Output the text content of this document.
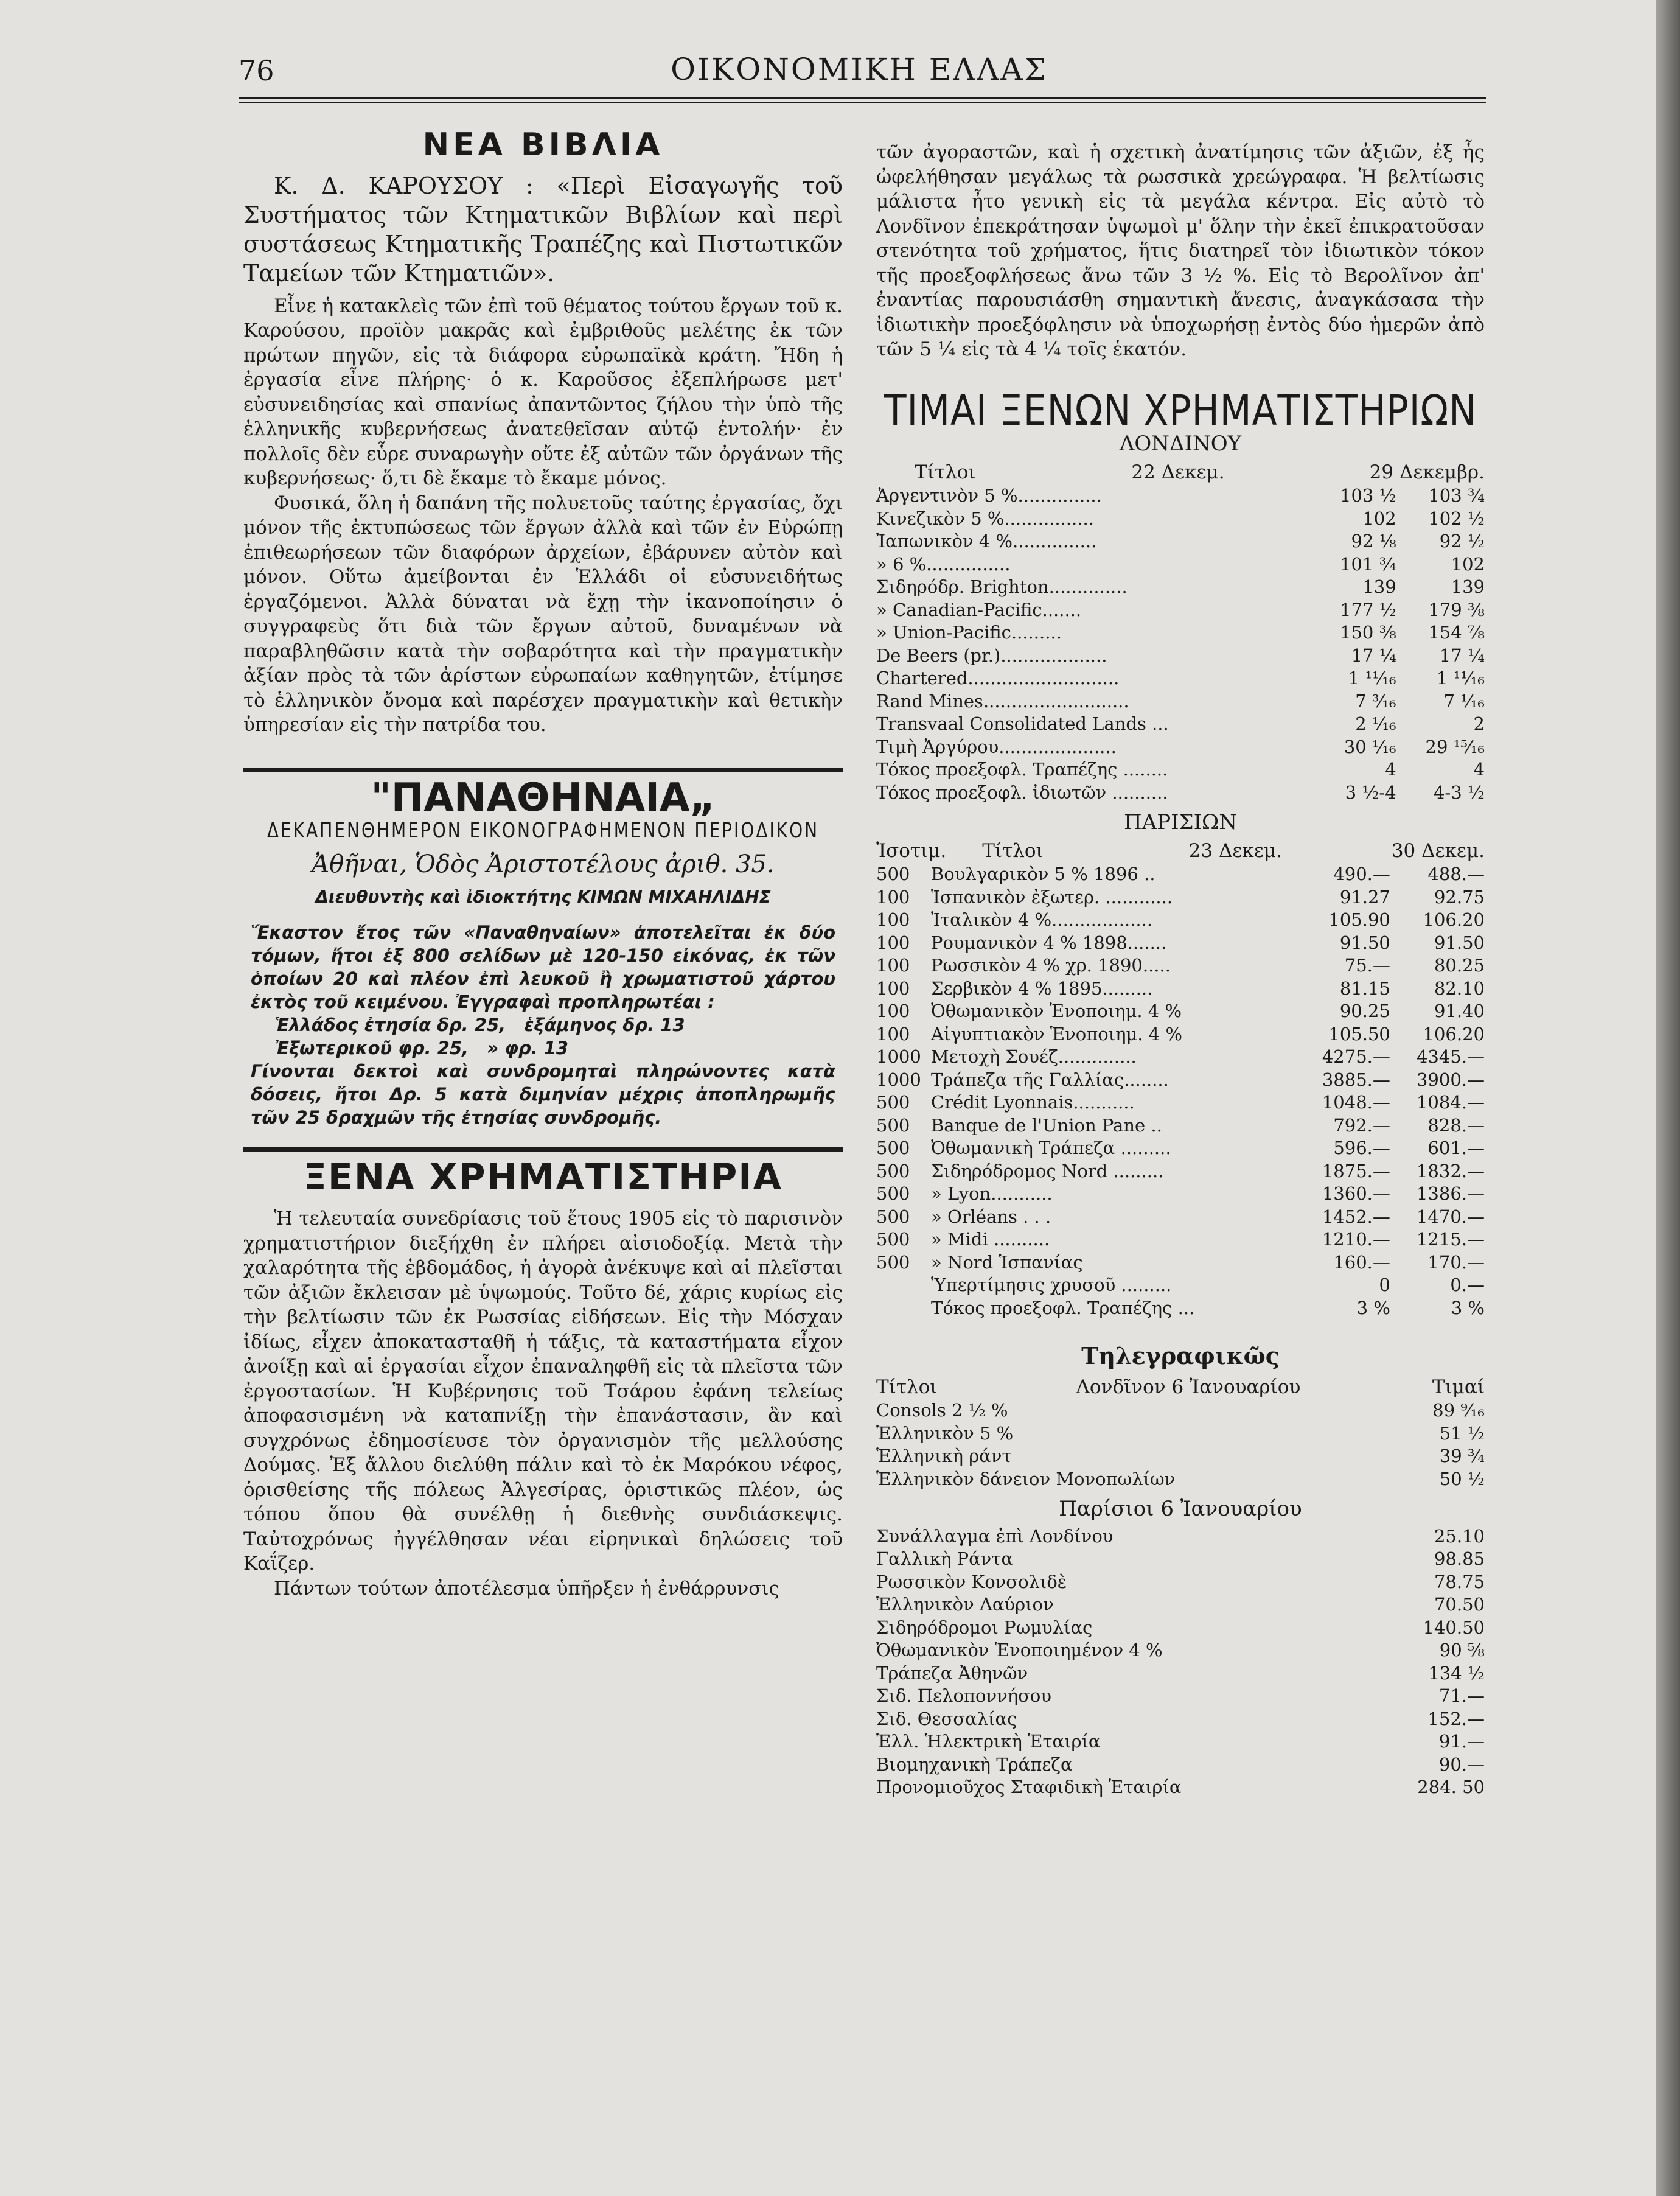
76	ΟΙΚΟΝΟΜΙΚΗ ΕΛΛΑΣ
ΝΕΑ ΒΙΒΛΙΑ

Κ. Δ. ΚΑΡΟΥΣΟΥ : «Περὶ Εἰσαγωγῆς τοῦ Συστήματος τῶν Κτηματικῶν Βιβλίων καὶ περὶ συστάσεως Κτηματικῆς Τραπέζης καὶ Πιστωτικῶν Ταμείων τῶν Κτηματιῶν».

Εἶνε ἡ κατακλεὶς τῶν ἐπὶ τοῦ θέματος τούτου ἔργων τοῦ κ. Καρούσου, προϊὸν μακρᾶς καὶ ἐμβριθοῦς μελέτης ἐκ τῶν πρώτων πηγῶν, εἰς τὰ διάφορα εὐρωπαϊκὰ κράτη. Ἤδη ἡ ἐργασία εἶνε πλήρης· ὁ κ. Καροῦσος ἐξεπλήρωσε μετ' εὐσυνειδησίας καὶ σπανίως ἀπαντῶντος ζήλου τὴν ὑπὸ τῆς ἑλληνικῆς κυβερνήσεως ἀνατεθεῖσαν αὐτῷ ἐντολήν· ἐν πολλοῖς δὲν εὗρε συναρωγὴν οὔτε ἐξ αὐτῶν τῶν ὀργάνων τῆς κυβερνήσεως· ὅ,τι δὲ ἔκαμε τὸ ἔκαμε μόνος.

Φυσικά, ὅλη ἡ δαπάνη τῆς πολυετοῦς ταύτης ἐργασίας, ὄχι μόνον τῆς ἐκτυπώσεως τῶν ἔργων ἀλλὰ καὶ τῶν ἐν Εὐρώπῃ ἐπιθεωρήσεων τῶν διαφόρων ἀρχείων, ἐβάρυνεν αὐτὸν καὶ μόνον. Οὕτω ἀμείβονται ἐν Ἑλλάδι οἱ εὐσυνειδήτως ἐργαζόμενοι. Ἀλλὰ δύναται νὰ ἔχῃ τὴν ἱκανοποίησιν ὁ συγγραφεὺς ὅτι διὰ τῶν ἔργων αὐτοῦ, δυναμένων νὰ παραβληθῶσιν κατὰ τὴν σοβαρότητα καὶ τὴν πραγματικὴν ἀξίαν πρὸς τὰ τῶν ἀρίστων εὐρωπαίων καθηγητῶν, ἐτίμησε τὸ ἑλληνικὸν ὄνομα καὶ παρέσχεν πραγματικὴν καὶ θετικὴν ὑπηρεσίαν εἰς τὴν πατρίδα του.

"ΠΑΝΑΘΗΝΑΙΑ„
ΔΕΚΑΠΕΝΘΗΜΕΡΟΝ ΕΙΚΟΝΟΓΡΑΦΗΜΕΝΟΝ ΠΕΡΙΟΔΙΚΟΝ
Ἀθῆναι, Ὁδὸς Ἀριστοτέλους ἀριθ. 35.
Διευθυντὴς καὶ ἰδιοκτήτης ΚΙΜΩΝ ΜΙΧΑΗΛΙΔΗΣ
Ἕκαστον ἔτος τῶν «Παναθηναίων» ἀποτελεῖται ἐκ δύο τόμων, ἤτοι ἐξ 800 σελίδων μὲ 120-150 εἰκόνας, ἐκ τῶν ὁποίων 20 καὶ πλέον ἐπὶ λευκοῦ ἢ χρωματιστοῦ χάρτου ἐκτὸς τοῦ κειμένου. Ἐγγραφαὶ προπληρωτέαι :
Ἑλλάδος ἐτησία δρ. 25, ἑξάμηνος δρ. 13
Ἐξωτερικοῦ φρ. 25, » φρ. 13
Γίνονται δεκτοὶ καὶ συνδρομηταὶ πληρώνοντες κατὰ δόσεις, ἤτοι Δρ. 5 κατὰ διμηνίαν μέχρις ἀποπληρωμῆς τῶν 25 δραχμῶν τῆς ἐτησίας συνδρομῆς.
ΞΕΝΑ ΧΡΗΜΑΤΙΣΤΗΡΙΑ

Ἡ τελευταία συνεδρίασις τοῦ ἔτους 1905 εἰς τὸ παρισινὸν χρηματιστήριον διεξήχθη ἐν πλήρει αἰσιοδοξίᾳ. Μετὰ τὴν χαλαρότητα τῆς ἑβδομάδος, ἡ ἀγορὰ ἀνέκυψε καὶ αἱ πλεῖσται τῶν ἀξιῶν ἔκλεισαν μὲ ὑψωμούς. Τοῦτο δέ, χάρις κυρίως εἰς τὴν βελτίωσιν τῶν ἐκ Ρωσσίας εἰδήσεων. Εἰς τὴν Μόσχαν ἰδίως, εἶχεν ἀποκατασταθῆ ἡ τάξις, τὰ καταστήματα εἶχον ἀνοίξῃ καὶ αἱ ἐργασίαι εἶχον ἐπαναληφθῆ εἰς τὰ πλεῖστα τῶν ἐργοστασίων. Ἡ Κυβέρνησις τοῦ Τσάρου ἐφάνη τελείως ἀποφασισμένη νὰ καταπνίξῃ τὴν ἐπανάστασιν, ἂν καὶ συγχρόνως ἐδημοσίευσε τὸν ὀργανισμὸν τῆς μελλούσης Δούμας. Ἐξ ἄλλου διελύθη πάλιν καὶ τὸ ἐκ Μαρόκου νέφος, ὁρισθείσης τῆς πόλεως Ἀλγεσίρας, ὁριστικῶς πλέον, ὡς τόπου ὅπου θὰ συνέλθῃ ἡ διεθνὴς συνδιάσκεψις. Ταὐτοχρόνως ἠγγέλθησαν νέαι εἰρηνικαὶ δηλώσεις τοῦ Καΐζερ.

Πάντων τούτων ἀποτέλεσμα ὑπῆρξεν ἡ ἐνθάρρυνσις

τῶν ἀγοραστῶν, καὶ ἡ σχετικὴ ἀνατίμησις τῶν ἀξιῶν, ἐξ ἧς ὠφελήθησαν μεγάλως τὰ ρωσσικὰ χρεώγραφα. Ἡ βελτίωσις μάλιστα ἦτο γενικὴ εἰς τὰ μεγάλα κέντρα. Εἰς αὐτὸ τὸ Λονδῖνον ἐπεκράτησαν ὑψωμοὶ μ' ὅλην τὴν ἐκεῖ ἐπικρατοῦσαν στενότητα τοῦ χρήματος, ἥτις διατηρεῖ τὸν ἰδιωτικὸν τόκον τῆς προεξοφλήσεως ἄνω τῶν 3 ½ %. Εἰς τὸ Βερολῖνον ἀπ' ἐναντίας παρουσιάσθη σημαντικὴ ἄνεσις, ἀναγκάσασα τὴν ἰδιωτικὴν προεξόφλησιν νὰ ὑποχωρήσῃ ἐντὸς δύο ἡμερῶν ἀπὸ τῶν 5 ¼ εἰς τὰ 4 ¼ τοῖς ἑκατόν.

ΤΙΜΑΙ ΞΕΝΩΝ ΧΡΗΜΑΤΙΣΤΗΡΙΩΝ
ΛΟΝΔΙΝΟΥ
Τίτλοι	22 Δεκεμ.	29 Δεκεμβρ.
Ἀργεντινὸν 5 %...............	103 ½	103 ¾
Κινεζικὸν 5 %................	102	102 ½
Ἰαπωνικὸν 4 %...............	92 ⅛	92 ½
» 6 %...............	101 ¾	102
Σιδηρόδρ. Brighton..............	139	139
» Canadian-Pacific.......	177 ½	179 ⅜
» Union-Pacific.........	150 ⅜	154 ⅞
De Beers (pr.)...................	17 ¼	17 ¼
Chartered...........................	1 ¹¹⁄₁₆	1 ¹¹⁄₁₆
Rand Mines..........................	7 ³⁄₁₆	7 ¹⁄₁₆
Transvaal Consolidated Lands ...	2 ¹⁄₁₆	2
Τιμὴ Ἀργύρου.....................	30 ¹⁄₁₆	29 ¹⁵⁄₁₆
Τόκος προεξοφλ. Τραπέζης ........	4	4
Τόκος προεξοφλ. ἰδιωτῶν ..........	3 ½-4	4-3 ½
ΠΑΡΙΣΙΩΝ
Ἰσοτιμ.	Τίτλοι	23 Δεκεμ.	30 Δεκεμ.
500	Βουλγαρικὸν 5 % 1896 ..	490.—	488.—
100	Ἱσπανικὸν ἐξωτερ. ............	91.27	92.75
100	Ἰταλικὸν 4 %..................	105.90	106.20
100	Ρουμανικὸν 4 % 1898.......	91.50	91.50
100	Ρωσσικὸν 4 % χρ. 1890.....	75.—	80.25
100	Σερβικὸν 4 % 1895.........	81.15	82.10
100	Ὀθωμανικὸν Ἑνοποιημ. 4 %	90.25	91.40
100	Αἰγυπτιακὸν Ἑνοποιημ. 4 %	105.50	106.20
1000	Μετοχὴ Σουέζ..............	4275.—	4345.—
1000	Τράπεζα τῆς Γαλλίας........	3885.—	3900.—
500	Crédit Lyonnais...........	1048.—	1084.—
500	Banque de l'Union Pane ..	792.—	828.—
500	Ὀθωμανικὴ Τράπεζα .........	596.—	601.—
500	Σιδηρόδρομος Nord .........	1875.—	1832.—
500	» Lyon...........	1360.—	1386.—
500	» Orléans . . .	1452.—	1470.—
500	» Midi ..........	1210.—	1215.—
500	» Nord Ἱσπανίας	160.—	170.—
	Ὑπερτίμησις χρυσοῦ .........	0	0.—
	Τόκος προεξοφλ. Τραπέζης ...	3 %	3 %
Τηλεγραφικῶς
Τίτλοι	Λονδῖνον 6 Ἰανουαρίου	Τιμαί
Consols 2 ½ %	89 ⁹⁄₁₆
Ἑλληνικὸν 5 %	51 ½
Ἑλληνικὴ ράντ	39 ¾
Ἑλληνικὸν δάνειον Μονοπωλίων	50 ½
Παρίσιοι 6 Ἰανουαρίου
Συνάλλαγμα ἐπὶ Λονδίνου	25.10
Γαλλικὴ Ράντα	98.85
Ρωσσικὸν Κονσολιδὲ	78.75
Ἑλληνικὸν Λαύριον	70.50
Σιδηρόδρομοι Ρωμυλίας	140.50
Ὀθωμανικὸν Ἑνοποιημένον 4 %	90 ⅝
Τράπεζα Ἀθηνῶν	134 ½
Σιδ. Πελοποννήσου	71.—
Σιδ. Θεσσαλίας	152.—
Ἑλλ. Ἡλεκτρικὴ Ἑταιρία	91.—
Βιομηχανικὴ Τράπεζα	90.—
Προνομιοῦχος Σταφιδικὴ Ἑταιρία	284. 50
